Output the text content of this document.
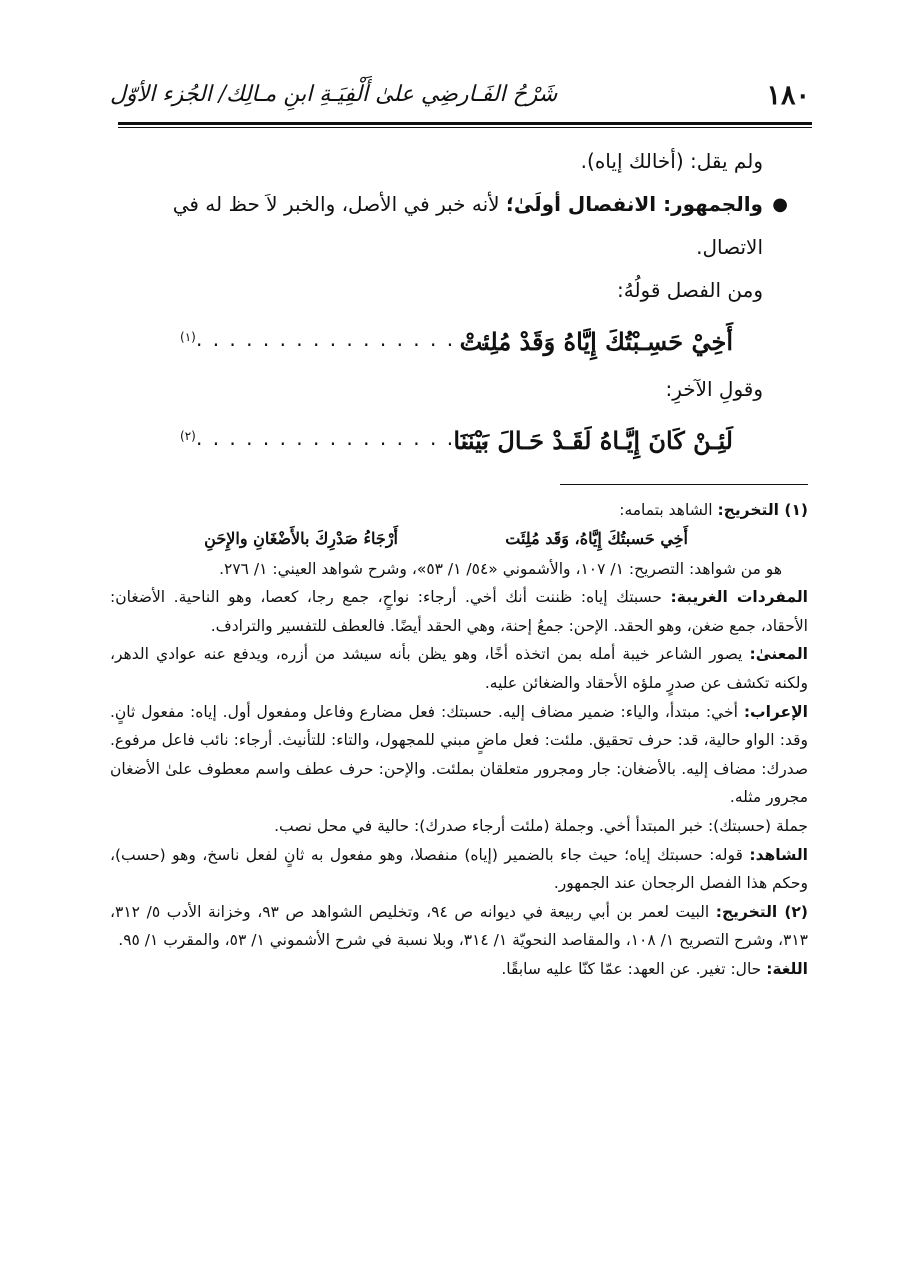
١٨٠
شَرْحُ الفَـارضِي علىٰ أَلْفِيَـةِ ابنِ مـالِك/ الجُزء الأوّل

ولم يقل: (أخالك إياه).

●
والجمهور: الانفصال أولَىٰ؛ لأنه خبر في الأصل، والخبر لاَ حظ له في الاتصال.

ومن الفصل قولُهُ:

أَخِيْ حَسِـبْتُكَ إِيَّاهُ وَقَدْ مُلِئتْ
. . . . . . . . . . . . . . . . . .
(١)

وقولِ الآخرِ:

لَئِـنْ كَانَ إِيَّـاهُ لَقَـدْ حَـالَ بَيْنَنَا
. . . . . . . . . . . . . . . . . .
(٢)

(١) التخريج: الشاهد بتمامه:

أَخِي حَسبتُكَ إِيَّاهُ، وَقَد مُلِئَت
أَرْجَاءُ صَدْرِكَ بالأَضْغَانِ والإِحَنِ

هو من شواهد: التصريح: ١/ ١٠٧، والأشموني «٥٤/ ١/ ٥٣»، وشرح شواهد العيني: ١/ ٢٧٦.

المفردات الغريبة: حسبتك إياه: ظننت أنك أخي. أرجاء: نواحٍ، جمع رجا، كعصا، وهو الناحية. الأضغان: الأحقاد، جمع ضغن، وهو الحقد. الإحن: جمعُ إحنة، وهي الحقد أيضًا. فالعطف للتفسير والترادف.

المعنىٰ: يصور الشاعر خيبة أمله بمن اتخذه أخًا، وهو يظن بأنه سيشد من أزره، ويدفع عنه عوادي الدهر، ولكنه تكشف عن صدرٍ ملؤه الأحقاد والضغائن عليه.

الإعراب: أخي: مبتدأ، والياء: ضمير مضاف إليه. حسبتك: فعل مضارع وفاعل ومفعول أول. إياه: مفعول ثانٍ. وقد: الواو حالية، قد: حرف تحقيق. ملئت: فعل ماضٍ مبني للمجهول، والتاء: للتأنيث. أرجاء: نائب فاعل مرفوع. صدرك: مضاف إليه. بالأضغان: جار ومجرور متعلقان بملئت. والإحن: حرف عطف واسم معطوف علىٰ الأضغان مجرور مثله.

جملة (حسبتك): خبر المبتدأ أخي. وجملة (ملئت أرجاء صدرك): حالية في محل نصب.

الشاهد: قوله: حسبتك إياه؛ حيث جاء بالضمير (إياه) منفصلا، وهو مفعول به ثانٍ لفعل ناسخ، وهو (حسب)، وحكم هذا الفصل الرجحان عند الجمهور.

(٢) التخريج: البيت لعمر بن أبي ربيعة في ديوانه ص ٩٤، وتخليص الشواهد ص ٩٣، وخزانة الأدب ٥/ ٣١٢، ٣١٣، وشرح التصريح ١/ ١٠٨، والمقاصد النحويّة ١/ ٣١٤، وبلا نسبة في شرح الأشموني ١/ ٥٣، والمقرب ١/ ٩٥.

اللغة: حال: تغير. عن العهد: عمّا كنّا عليه سابقًا.
